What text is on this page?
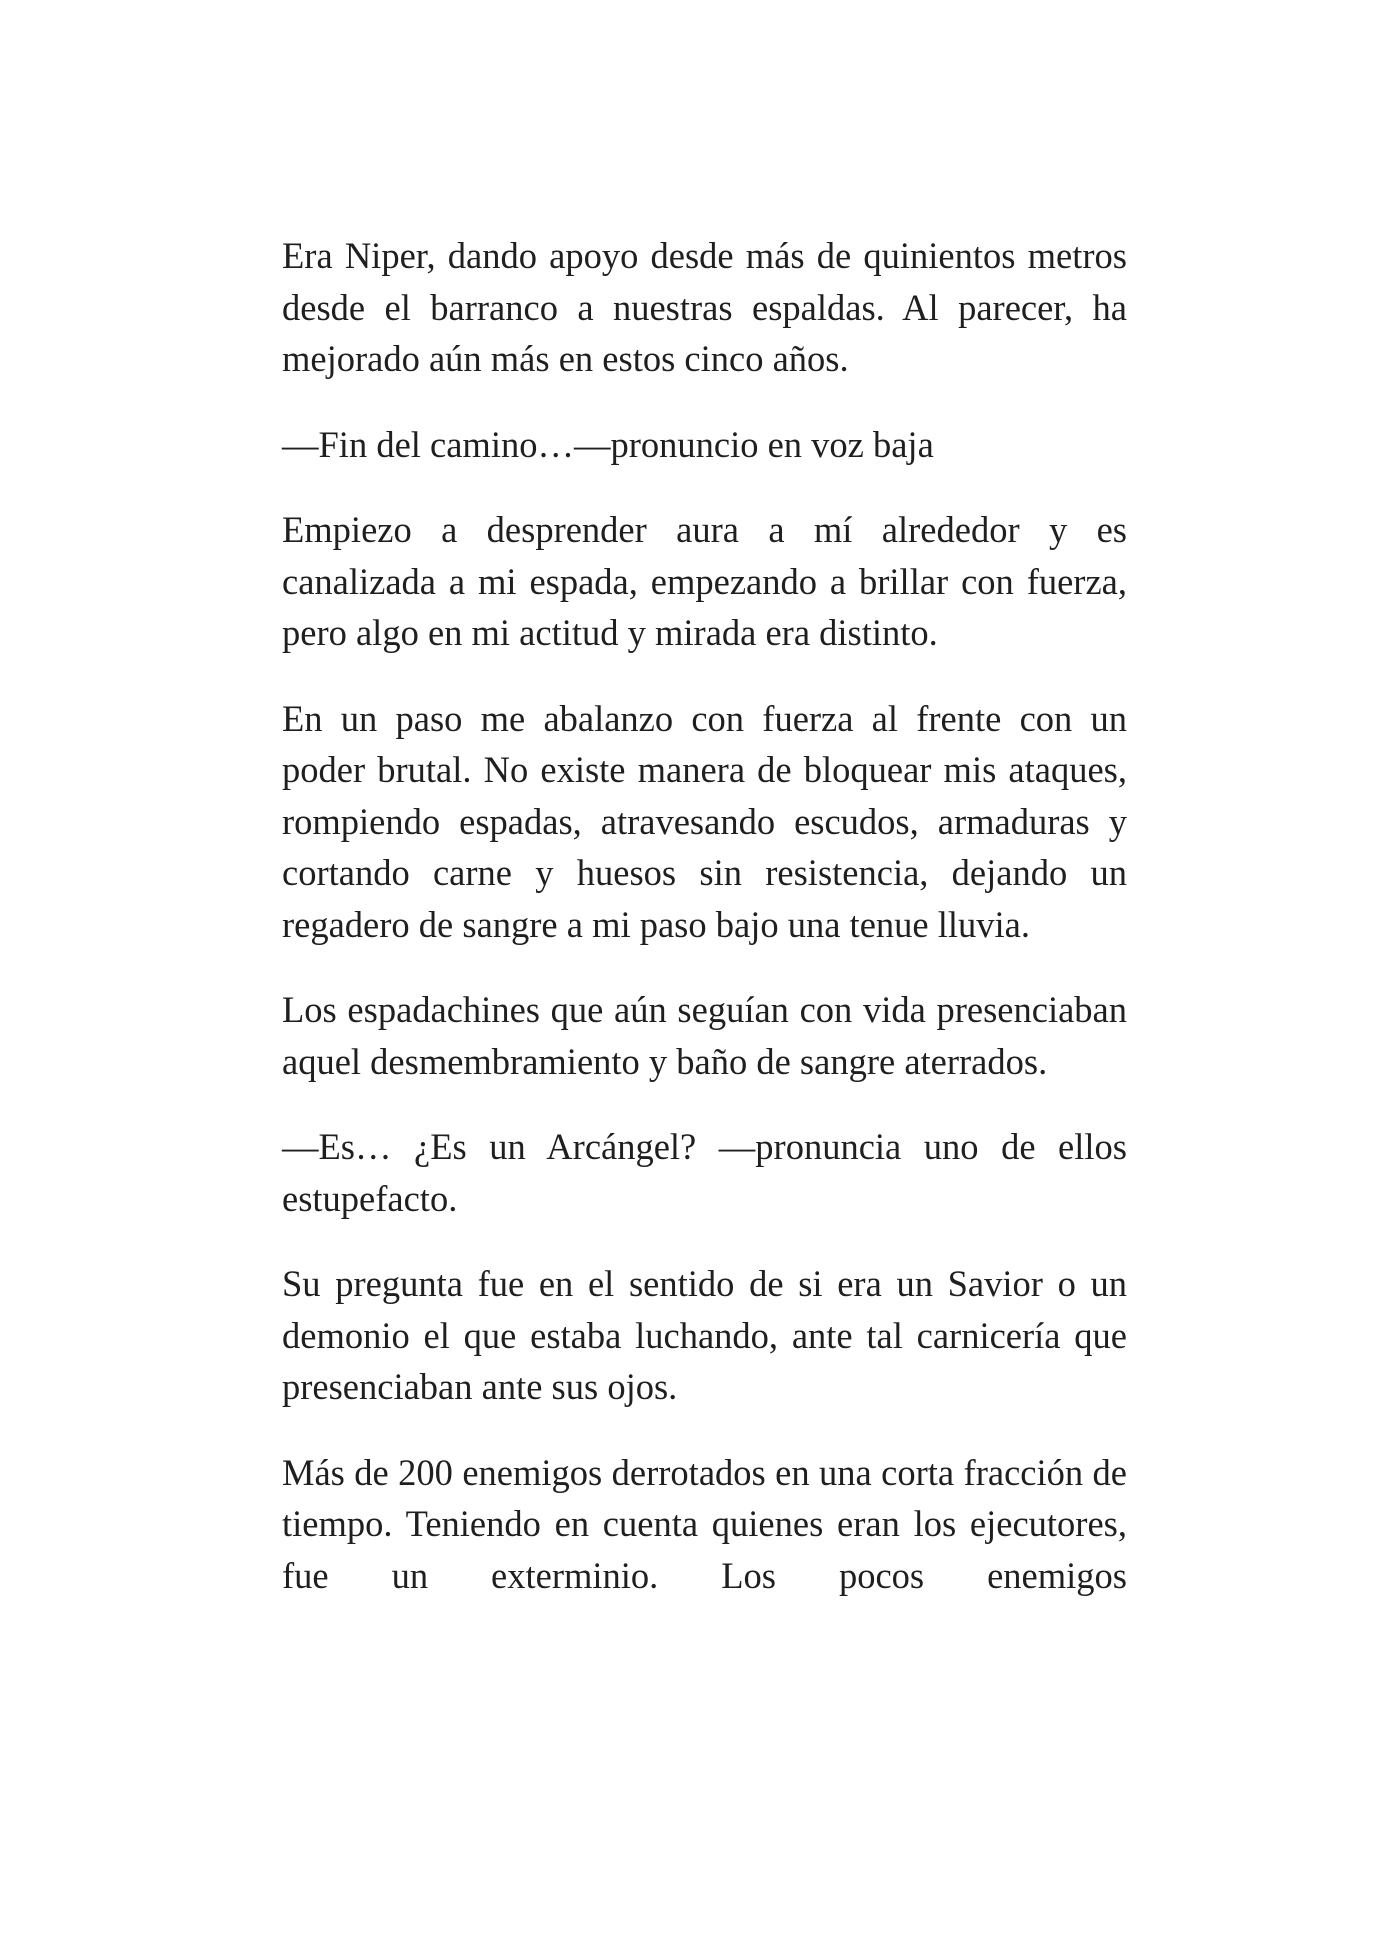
Era Niper, dando apoyo desde más de quinientos metros desde el barranco a nuestras espaldas. Al parecer, ha mejorado aún más en estos cinco años.

—Fin del camino…—pronuncio en voz baja

Empiezo a desprender aura a mí alrededor y es canalizada a mi espada, empezando a brillar con fuerza, pero algo en mi actitud y mirada era distinto.

En un paso me abalanzo con fuerza al frente con un poder brutal. No existe manera de bloquear mis ataques, rompiendo espadas, atravesando escudos, armaduras y cortando carne y huesos sin resistencia, dejando un regadero de sangre a mi paso bajo una tenue lluvia.

Los espadachines que aún seguían con vida presenciaban aquel desmembramiento y baño de sangre aterrados.

—Es… ¿Es un Arcángel? —pronuncia uno de ellos estupefacto.

Su pregunta fue en el sentido de si era un Savior o un demonio el que estaba luchando, ante tal carnicería que presenciaban ante sus ojos.

Más de 200 enemigos derrotados en una corta fracción de tiempo. Teniendo en cuenta quienes eran los ejecutores, fue un exterminio. Los pocos enemigos
